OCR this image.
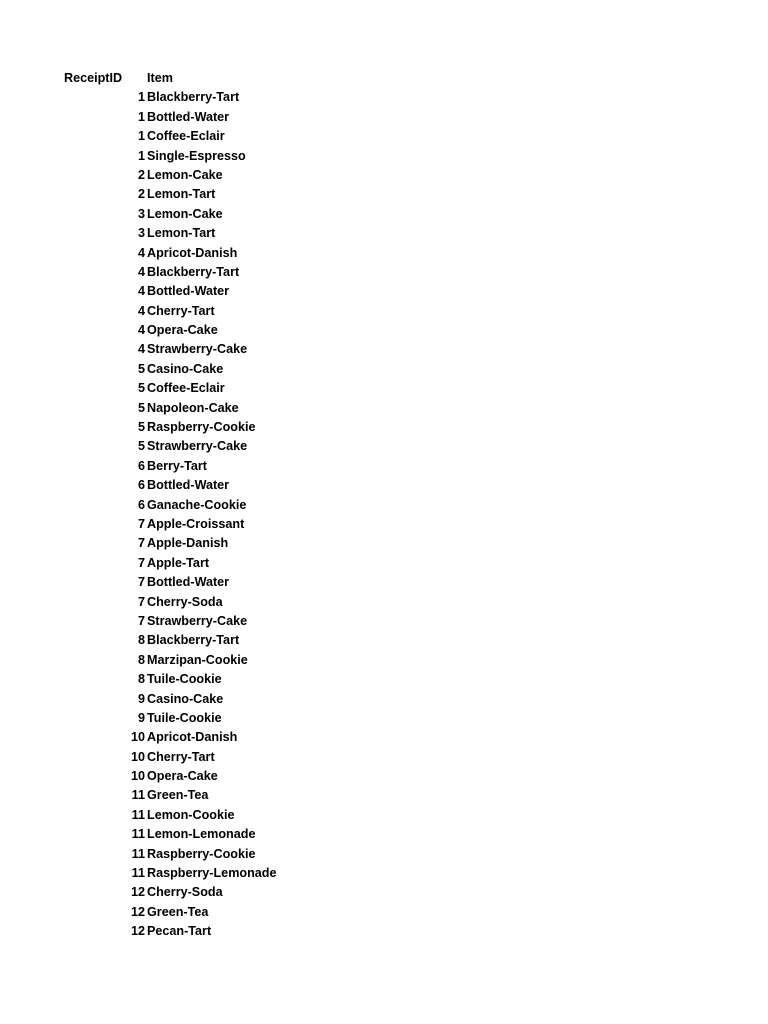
ReceiptID Item
1 Blackberry-Tart
1 Bottled-Water
1 Coffee-Eclair
1 Single-Espresso
2 Lemon-Cake
2 Lemon-Tart
3 Lemon-Cake
3 Lemon-Tart
4 Apricot-Danish
4 Blackberry-Tart
4 Bottled-Water
4 Cherry-Tart
4 Opera-Cake
4 Strawberry-Cake
5 Casino-Cake
5 Coffee-Eclair
5 Napoleon-Cake
5 Raspberry-Cookie
5 Strawberry-Cake
6 Berry-Tart
6 Bottled-Water
6 Ganache-Cookie
7 Apple-Croissant
7 Apple-Danish
7 Apple-Tart
7 Bottled-Water
7 Cherry-Soda
7 Strawberry-Cake
8 Blackberry-Tart
8 Marzipan-Cookie
8 Tuile-Cookie
9 Casino-Cake
9 Tuile-Cookie
10 Apricot-Danish
10 Cherry-Tart
10 Opera-Cake
11 Green-Tea
11 Lemon-Cookie
11 Lemon-Lemonade
11 Raspberry-Cookie
11 Raspberry-Lemonade
12 Cherry-Soda
12 Green-Tea
12 Pecan-Tart
